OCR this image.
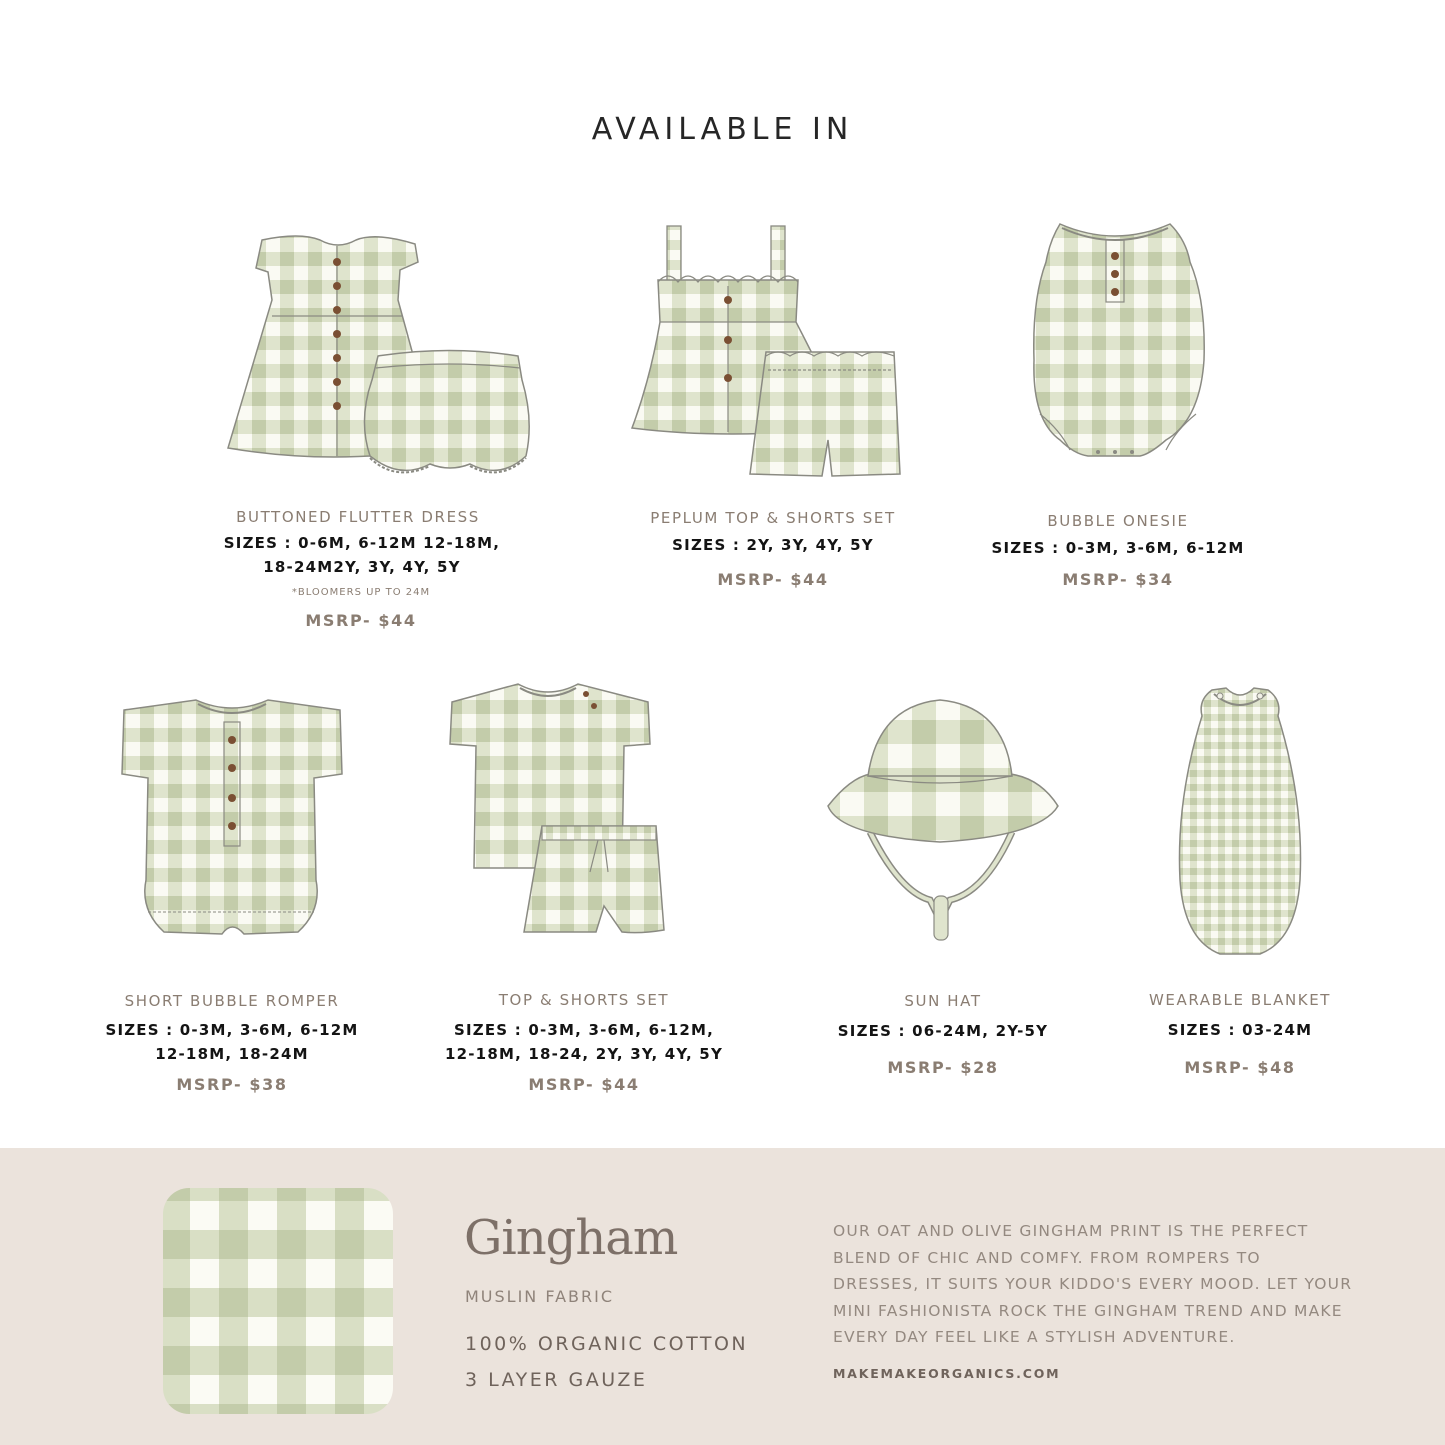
AVAILABLE IN
BUTTONED FLUTTER DRESS
SIZES : 0-6M, 6-12M 12-18M,
18-24M2Y, 3Y, 4Y, 5Y
*BLOOMERS UP TO 24M
MSRP- $44
PEPLUM TOP & SHORTS SET
SIZES : 2Y, 3Y, 4Y, 5Y
MSRP- $44
BUBBLE ONESIE
SIZES : 0-3M, 3-6M, 6-12M
MSRP- $34
SHORT BUBBLE ROMPER
SIZES : 0-3M, 3-6M, 6-12M
12-18M, 18-24M
MSRP- $38
TOP & SHORTS SET
SIZES : 0-3M, 3-6M, 6-12M,
12-18M, 18-24, 2Y, 3Y, 4Y, 5Y
MSRP- $44
SUN HAT
SIZES : 06-24M, 2Y-5Y
MSRP- $28
WEARABLE BLANKET
SIZES : 03-24M
MSRP- $48
Gingham
MUSLIN FABRIC
100% ORGANIC COTTON
3 LAYER GAUZE
OUR OAT AND OLIVE GINGHAM PRINT IS THE PERFECT BLEND OF CHIC AND COMFY. FROM ROMPERS TO DRESSES, IT SUITS YOUR KIDDO'S EVERY MOOD. LET YOUR MINI FASHIONISTA ROCK THE GINGHAM TREND AND MAKE EVERY DAY FEEL LIKE A STYLISH ADVENTURE.
MAKEMAKEORGANICS.COM
